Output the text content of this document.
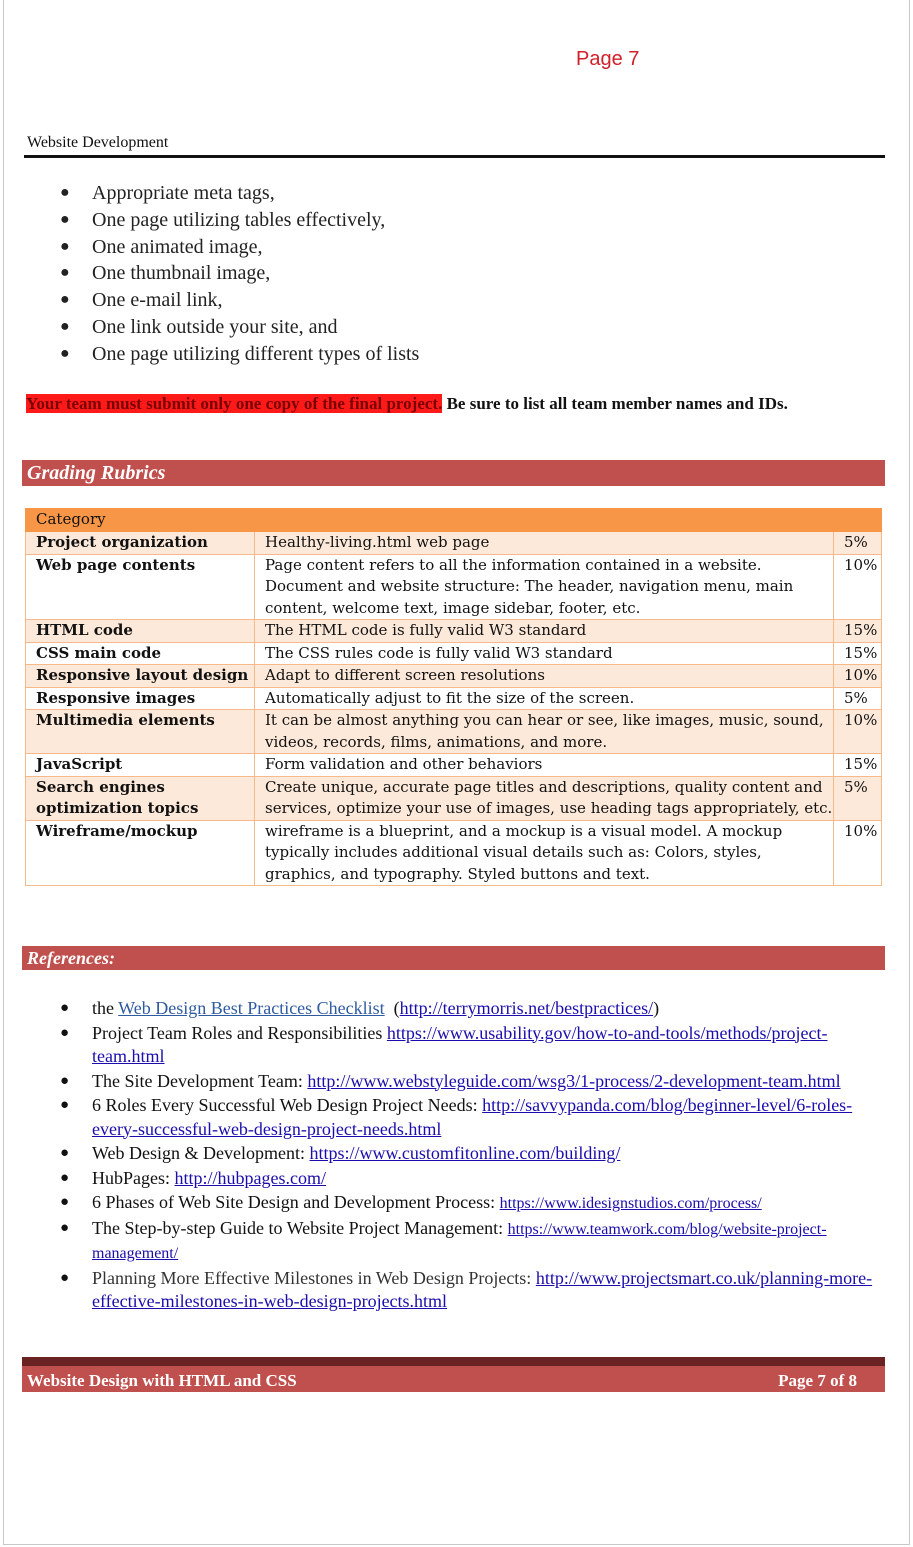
Page 7
Website Development
● Appropriate meta tags,
● One page utilizing tables effectively,
● One animated image,
● One thumbnail image,
● One e-mail link,
● One link outside your site, and
● One page utilizing different types of lists
Your team must submit only one copy of the final project. Be sure to list all team member names and IDs.
Grading Rubrics
Category		
Project organization	Healthy-living.html web page	5%
Web page contents	Page content refers to all the information contained in a website. Document and website structure: The header, navigation menu, main content, welcome text, image sidebar, footer, etc.	10%
HTML code	The HTML code is fully valid W3 standard	15%
CSS main code	The CSS rules code is fully valid W3 standard	15%
Responsive layout design	Adapt to different screen resolutions	10%
Responsive images	Automatically adjust to fit the size of the screen.	5%
Multimedia elements	It can be almost anything you can hear or see, like images, music, sound, videos, records, films, animations, and more.	10%
JavaScript	Form validation and other behaviors	15%
Search engines optimization topics	Create unique, accurate page titles and descriptions, quality content and services, optimize your use of images, use heading tags appropriately, etc.	5%
Wireframe/mockup	wireframe is a blueprint, and a mockup is a visual model. A mockup typically includes additional visual details such as: Colors, styles, graphics, and typography. Styled buttons and text.	10%
References:
● the Web Design Best Practices Checklist  (http://terrymorris.net/bestpractices/)
● Project Team Roles and Responsibilities https://www.usability.gov/how-to-and-tools/methods/project-team.html
● The Site Development Team: http://www.webstyleguide.com/wsg3/1-process/2-development-team.html
● 6 Roles Every Successful Web Design Project Needs: http://savvypanda.com/blog/beginner-level/6-roles-every-successful-web-design-project-needs.html
● Web Design & Development: https://www.customfitonline.com/building/
● HubPages: http://hubpages.com/
● 6 Phases of Web Site Design and Development Process: https://www.idesignstudios.com/process/
● The Step-by-step Guide to Website Project Management: https://www.teamwork.com/blog/website-project-management/
● Planning More Effective Milestones in Web Design Projects: http://www.projectsmart.co.uk/planning-more-effective-milestones-in-web-design-projects.html
Website Design with HTML and CSS	Page 7 of 8
